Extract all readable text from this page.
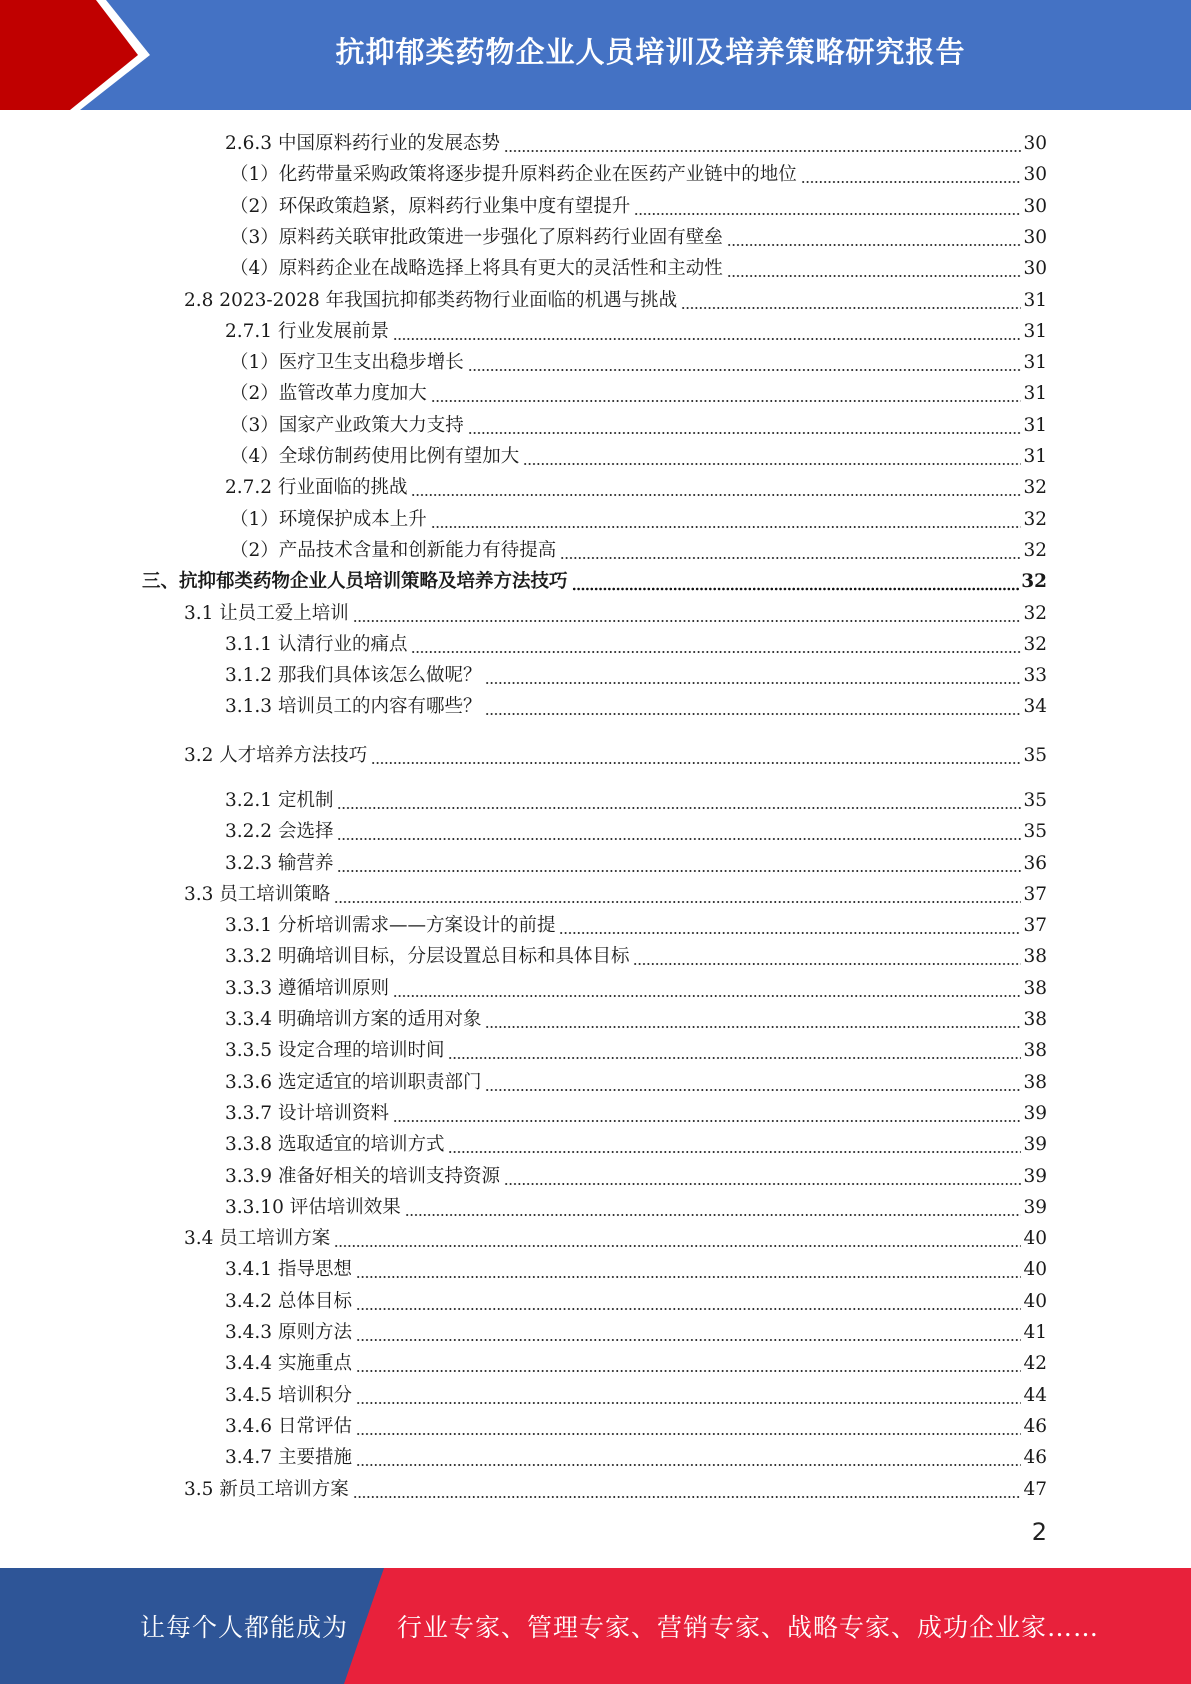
抗抑郁类药物企业人员培训及培养策略研究报告
2.6.3 中国原料药行业的发展态势	30
（1）化药带量采购政策将逐步提升原料药企业在医药产业链中的地位	30
（2）环保政策趋紧，原料药行业集中度有望提升	30
（3）原料药关联审批政策进一步强化了原料药行业固有壁垒	30
（4）原料药企业在战略选择上将具有更大的灵活性和主动性	30
2.8 2023-2028 年我国抗抑郁类药物行业面临的机遇与挑战	31
2.7.1 行业发展前景	31
（1）医疗卫生支出稳步增长	31
（2）监管改革力度加大	31
（3）国家产业政策大力支持	31
（4）全球仿制药使用比例有望加大	31
2.7.2 行业面临的挑战	32
（1）环境保护成本上升	32
（2）产品技术含量和创新能力有待提高	32
三、抗抑郁类药物企业人员培训策略及培养方法技巧	32
3.1 让员工爱上培训	32
3.1.1 认清行业的痛点	32
3.1.2 那我们具体该怎么做呢？	33
3.1.3 培训员工的内容有哪些？	34
3.2 人才培养方法技巧	35
3.2.1 定机制	35
3.2.2 会选择	35
3.2.3 输营养	36
3.3 员工培训策略	37
3.3.1 分析培训需求——方案设计的前提	37
3.3.2 明确培训目标，分层设置总目标和具体目标	38
3.3.3 遵循培训原则	38
3.3.4 明确培训方案的适用对象	38
3.3.5 设定合理的培训时间	38
3.3.6 选定适宜的培训职责部门	38
3.3.7 设计培训资料	39
3.3.8 选取适宜的培训方式	39
3.3.9 准备好相关的培训支持资源	39
3.3.10 评估培训效果	39
3.4 员工培训方案	40
3.4.1 指导思想	40
3.4.2 总体目标	40
3.4.3 原则方法	41
3.4.4 实施重点	42
3.4.5 培训积分	44
3.4.6 日常评估	46
3.4.7 主要措施	46
3.5 新员工培训方案	47
2
让每个人都能成为 行业专家、管理专家、营销专家、战略专家、成功企业家……
